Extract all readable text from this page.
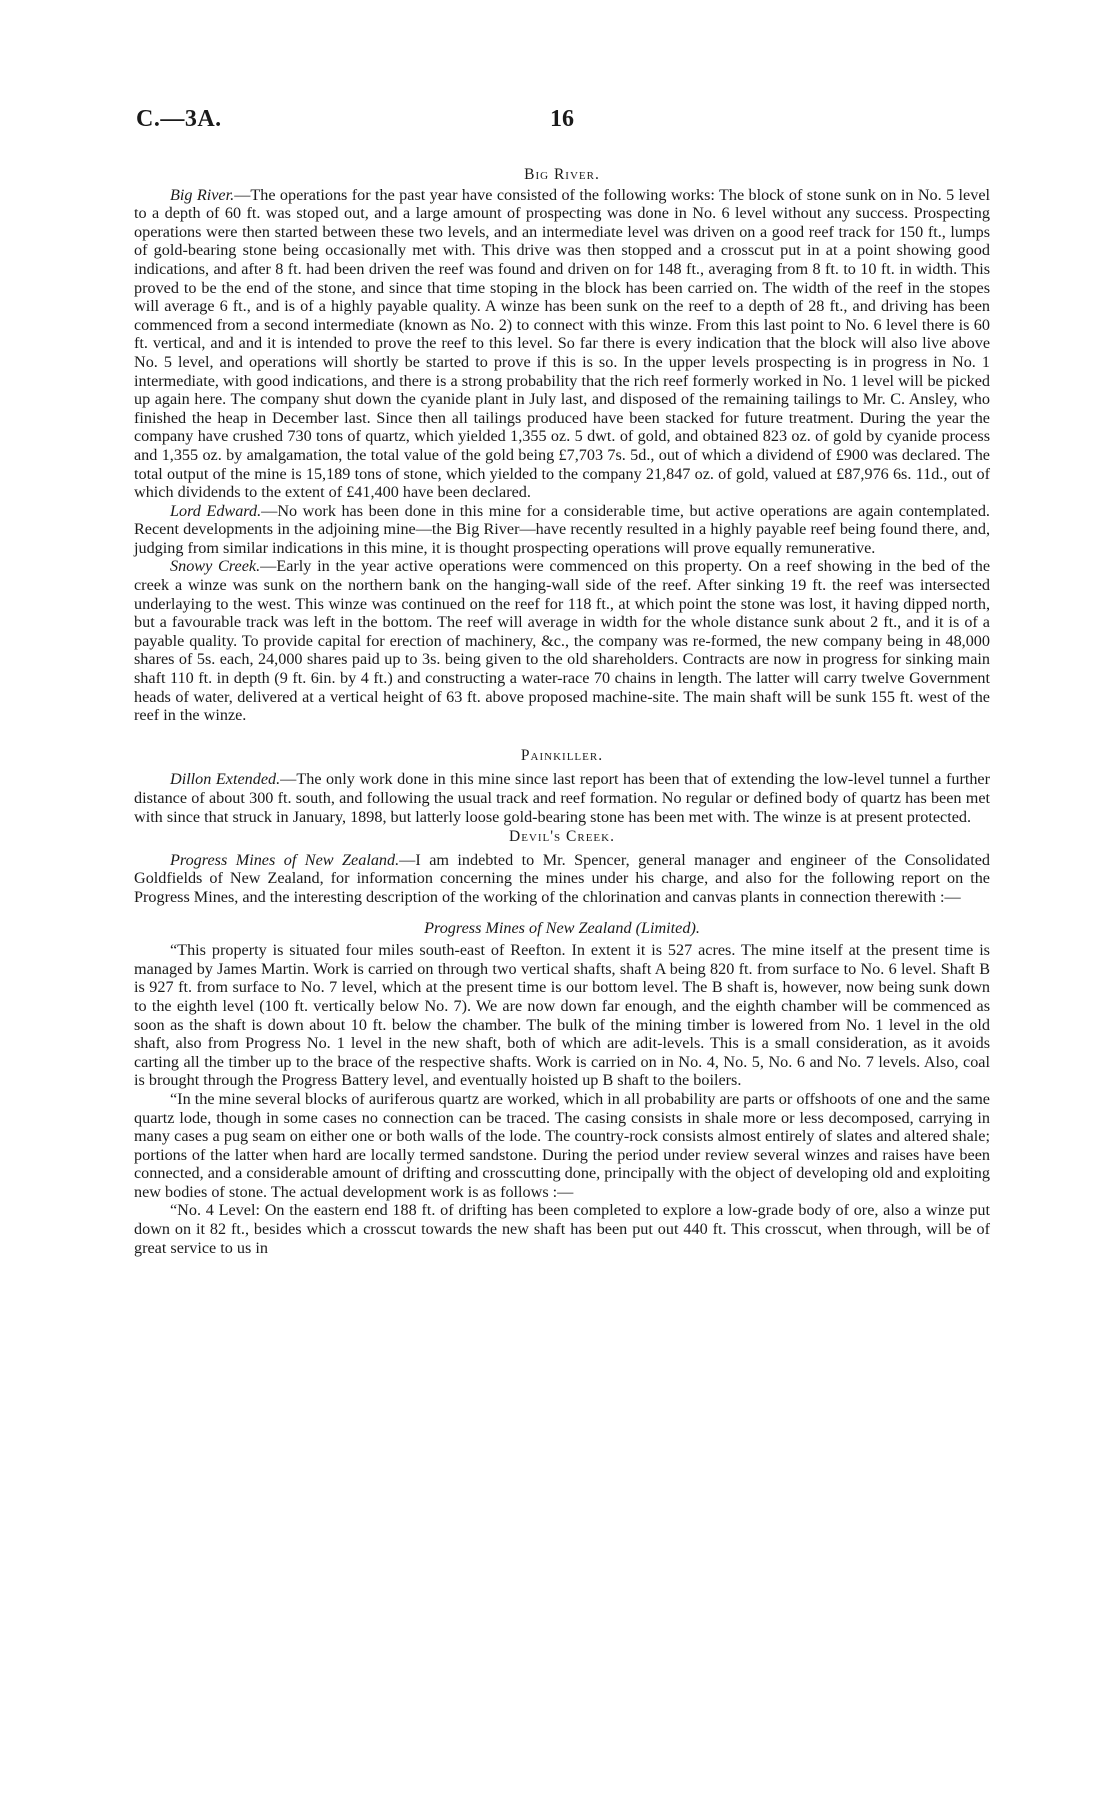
C.—3A.	16
Big River.

Big River.—The operations for the past year have consisted of the following works: The block of stone sunk on in No. 5 level to a depth of 60 ft. was stoped out, and a large amount of prospecting was done in No. 6 level without any success. Prospecting operations were then started between these two levels, and an intermediate level was driven on a good reef track for 150 ft., lumps of gold-bearing stone being occasionally met with. This drive was then stopped and a crosscut put in at a point showing good indications, and after 8 ft. had been driven the reef was found and driven on for 148 ft., averaging from 8 ft. to 10 ft. in width. This proved to be the end of the stone, and since that time stoping in the block has been carried on. The width of the reef in the stopes will average 6 ft., and is of a highly payable quality. A winze has been sunk on the reef to a depth of 28 ft., and driving has been commenced from a second intermediate (known as No. 2) to connect with this winze. From this last point to No. 6 level there is 60 ft. vertical, and and it is intended to prove the reef to this level. So far there is every indication that the block will also live above No. 5 level, and operations will shortly be started to prove if this is so. In the upper levels prospecting is in progress in No. 1 intermediate, with good indications, and there is a strong probability that the rich reef formerly worked in No. 1 level will be picked up again here. The company shut down the cyanide plant in July last, and disposed of the remaining tailings to Mr. C. Ansley, who finished the heap in December last. Since then all tailings produced have been stacked for future treatment. During the year the company have crushed 730 tons of quartz, which yielded 1,355 oz. 5 dwt. of gold, and obtained 823 oz. of gold by cyanide process and 1,355 oz. by amalgamation, the total value of the gold being £7,703 7s. 5d., out of which a dividend of £900 was declared. The total output of the mine is 15,189 tons of stone, which yielded to the company 21,847 oz. of gold, valued at £87,976 6s. 11d., out of which dividends to the extent of £41,400 have been declared.

Lord Edward.—No work has been done in this mine for a considerable time, but active operations are again contemplated. Recent developments in the adjoining mine—the Big River—have recently resulted in a highly payable reef being found there, and, judging from similar indications in this mine, it is thought prospecting operations will prove equally remunerative.

Snowy Creek.—Early in the year active operations were commenced on this property. On a reef showing in the bed of the creek a winze was sunk on the northern bank on the hanging-wall side of the reef. After sinking 19 ft. the reef was intersected underlaying to the west. This winze was continued on the reef for 118 ft., at which point the stone was lost, it having dipped north, but a favourable track was left in the bottom. The reef will average in width for the whole distance sunk about 2 ft., and it is of a payable quality. To provide capital for erection of machinery, &c., the company was re-formed, the new company being in 48,000 shares of 5s. each, 24,000 shares paid up to 3s. being given to the old shareholders. Contracts are now in progress for sinking main shaft 110 ft. in depth (9 ft. 6in. by 4 ft.) and constructing a water-race 70 chains in length. The latter will carry twelve Government heads of water, delivered at a vertical height of 63 ft. above proposed machine-site. The main shaft will be sunk 155 ft. west of the reef in the winze.

Painkiller.

Dillon Extended.—The only work done in this mine since last report has been that of extending the low-level tunnel a further distance of about 300 ft. south, and following the usual track and reef formation. No regular or defined body of quartz has been met with since that struck in January, 1898, but latterly loose gold-bearing stone has been met with. The winze is at present protected.

Devil's Creek.

Progress Mines of New Zealand.—I am indebted to Mr. Spencer, general manager and engineer of the Consolidated Goldfields of New Zealand, for information concerning the mines under his charge, and also for the following report on the Progress Mines, and the interesting description of the working of the chlorination and canvas plants in connection therewith :—

Progress Mines of New Zealand (Limited).

“This property is situated four miles south-east of Reefton. In extent it is 527 acres. The mine itself at the present time is managed by James Martin. Work is carried on through two vertical shafts, shaft A being 820 ft. from surface to No. 6 level. Shaft B is 927 ft. from surface to No. 7 level, which at the present time is our bottom level. The B shaft is, however, now being sunk down to the eighth level (100 ft. vertically below No. 7). We are now down far enough, and the eighth chamber will be commenced as soon as the shaft is down about 10 ft. below the chamber. The bulk of the mining timber is lowered from No. 1 level in the old shaft, also from Progress No. 1 level in the new shaft, both of which are adit-levels. This is a small consideration, as it avoids carting all the timber up to the brace of the respective shafts. Work is carried on in No. 4, No. 5, No. 6 and No. 7 levels. Also, coal is brought through the Progress Battery level, and eventually hoisted up B shaft to the boilers.

“In the mine several blocks of auriferous quartz are worked, which in all probability are parts or offshoots of one and the same quartz lode, though in some cases no connection can be traced. The casing consists in shale more or less decomposed, carrying in many cases a pug seam on either one or both walls of the lode. The country-rock consists almost entirely of slates and altered shale; portions of the latter when hard are locally termed sandstone. During the period under review several winzes and raises have been connected, and a considerable amount of drifting and crosscutting done, principally with the object of developing old and exploiting new bodies of stone. The actual development work is as follows :—

“No. 4 Level: On the eastern end 188 ft. of drifting has been completed to explore a low-grade body of ore, also a winze put down on it 82 ft., besides which a crosscut towards the new shaft has been put out 440 ft. This crosscut, when through, will be of great service to us in
